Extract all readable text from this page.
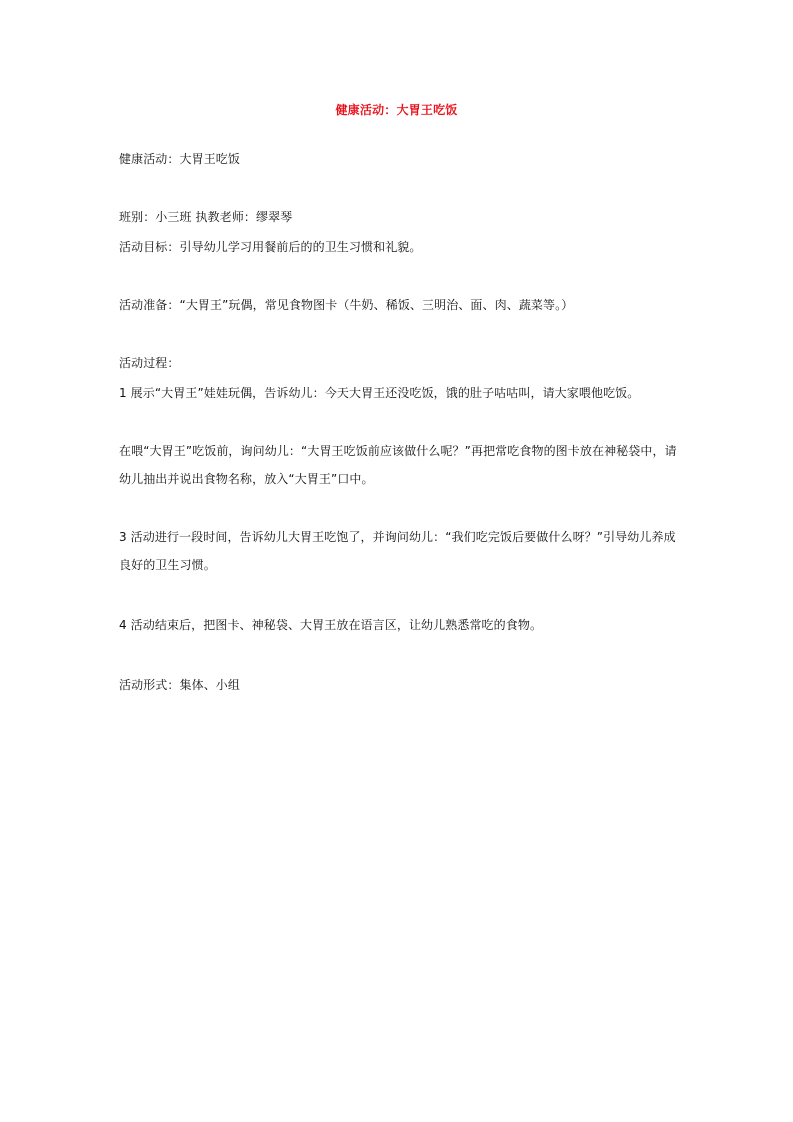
健康活动：大胃王吃饭
健康活动：大胃王吃饭
班别：小三班 执教老师：缪翠琴
活动目标：引导幼儿学习用餐前后的的卫生习惯和礼貌。
活动准备：“大胃王”玩偶，常见食物图卡（牛奶、稀饭、三明治、面、肉、蔬菜等。）
活动过程：
1 展示“大胃王”娃娃玩偶，告诉幼儿：今天大胃王还没吃饭，饿的肚子咕咕叫，请大家喂他吃饭。
在喂“大胃王”吃饭前，询问幼儿：“大胃王吃饭前应该做什么呢？”再把常吃食物的图卡放在神秘袋中，请
幼儿抽出并说出食物名称，放入“大胃王”口中。
3 活动进行一段时间，告诉幼儿大胃王吃饱了，并询问幼儿：“我们吃完饭后要做什么呀？”引导幼儿养成
良好的卫生习惯。
4 活动结束后，把图卡、神秘袋、大胃王放在语言区，让幼儿熟悉常吃的食物。
活动形式：集体、小组
